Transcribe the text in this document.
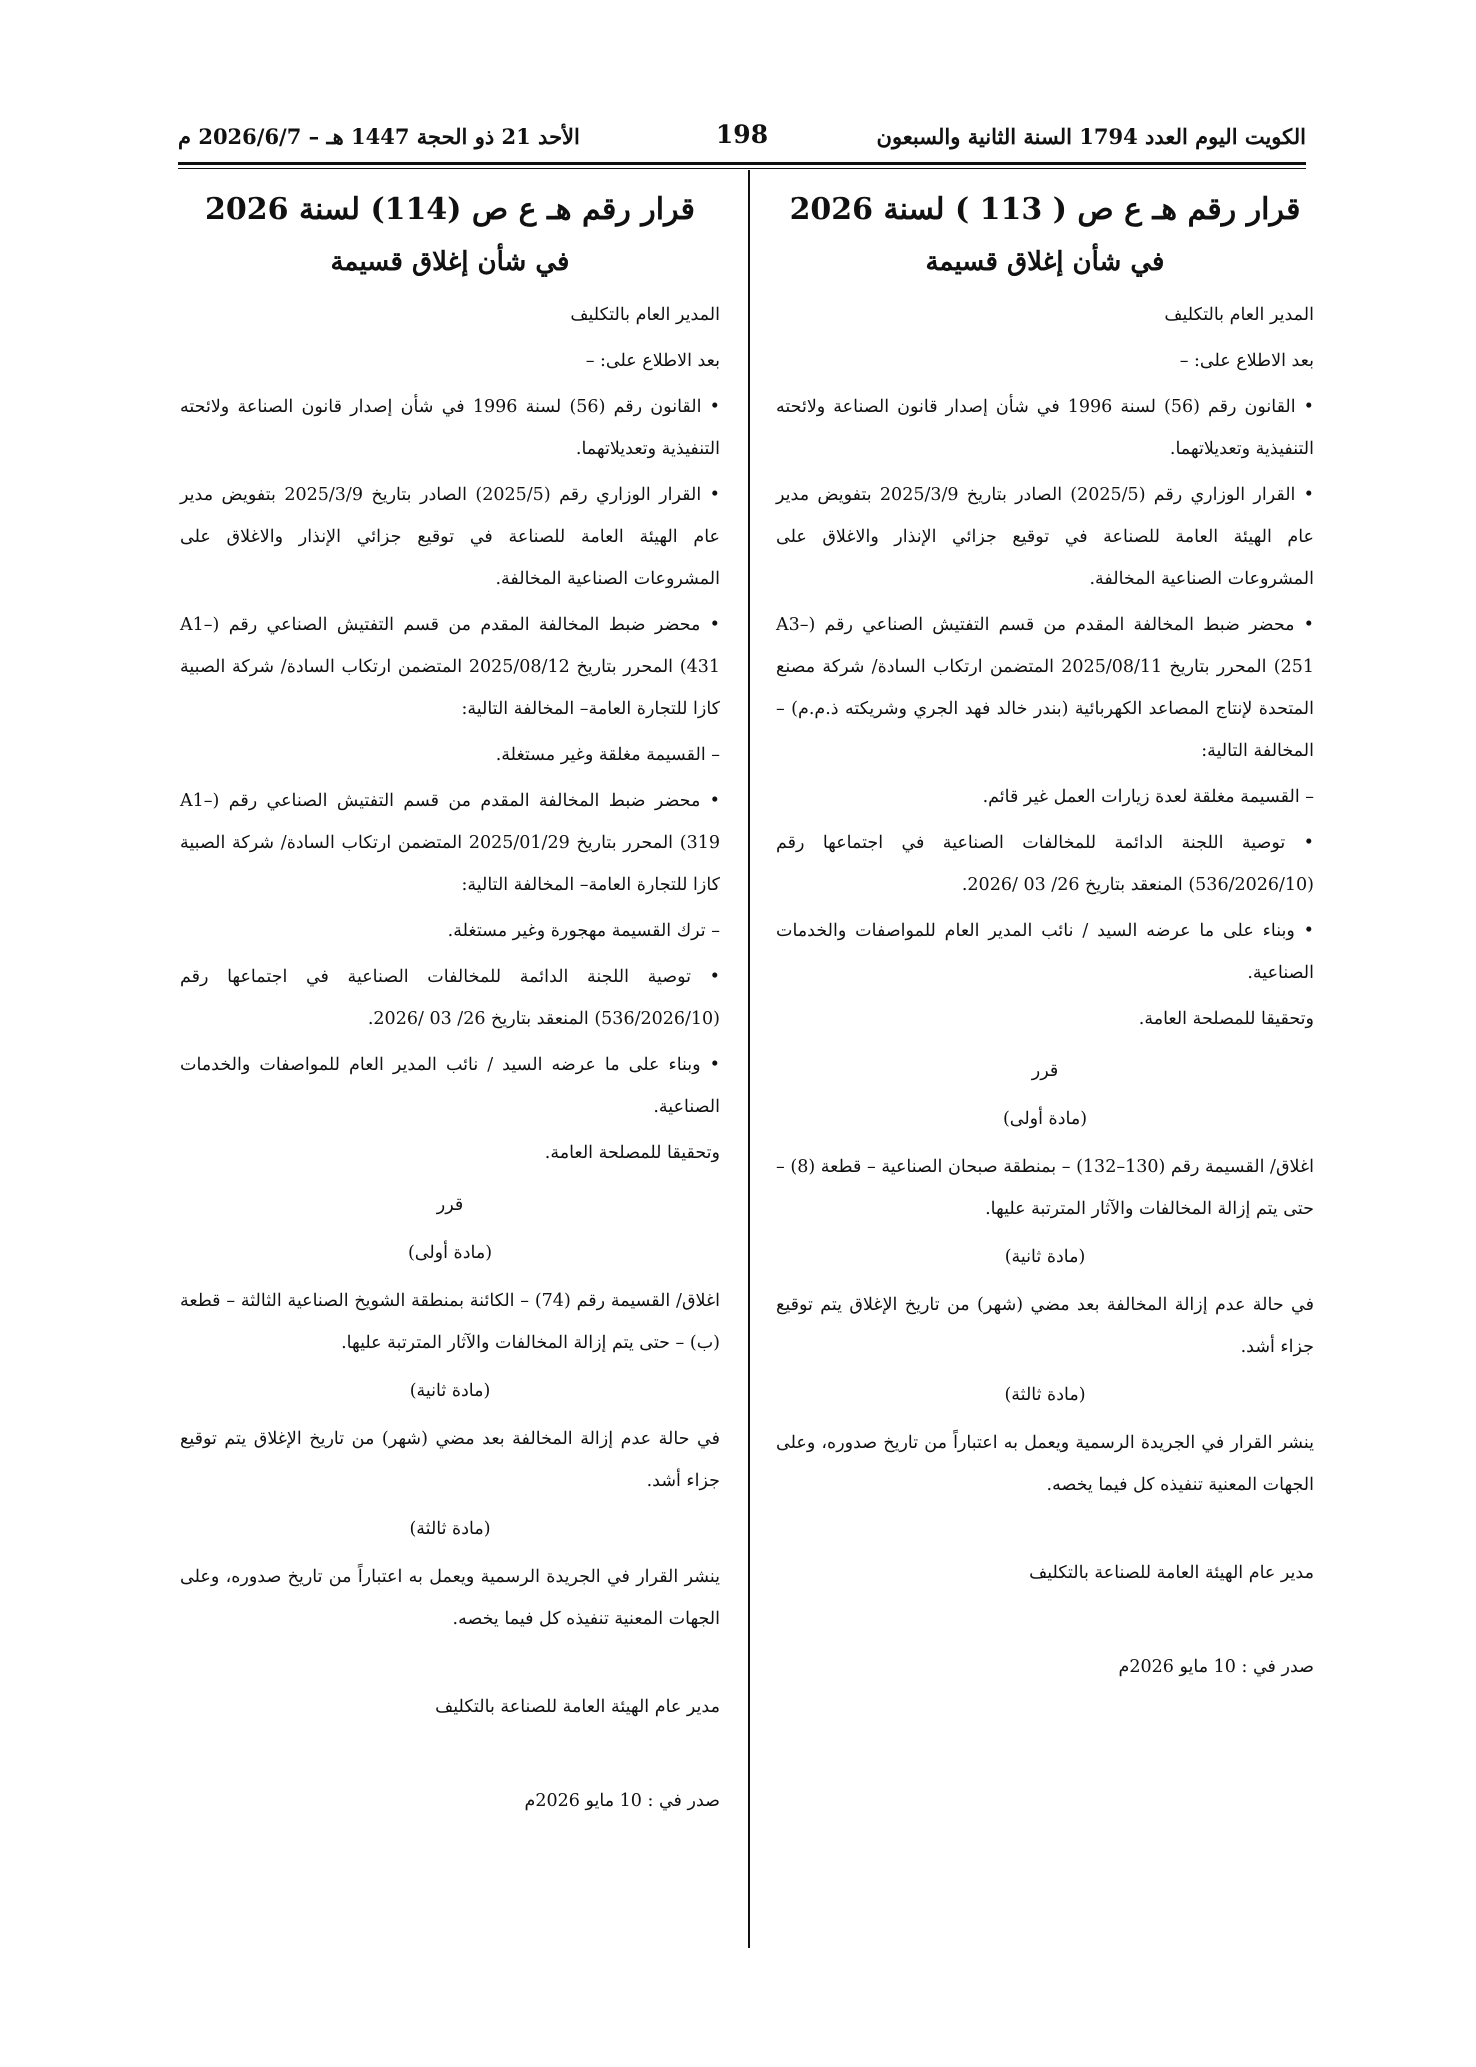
الكويت اليوم العدد 1794 السنة الثانية والسبعون
198
الأحد 21 ذو الحجة 1447 هـ – 2026/6/7 م
قرار رقم هـ ع ص ( 113 ) لسنة 2026
في شأن إغلاق قسيمة
المدير العام بالتكليف
بعد الاطلاع على: –
• القانون رقم (56) لسنة 1996 في شأن إصدار قانون الصناعة ولائحته التنفيذية وتعديلاتهما.
• القرار الوزاري رقم (2025/5) الصادر بتاريخ 2025/3/9 بتفويض مدير عام الهيئة العامة للصناعة في توقيع جزائي الإنذار والاغلاق على المشروعات الصناعية المخالفة.
• محضر ضبط المخالفة المقدم من قسم التفتيش الصناعي رقم (A3–251) المحرر بتاريخ 2025/08/11 المتضمن ارتكاب السادة/ شركة مصنع المتحدة لإنتاج المصاعد الكهربائية (بندر خالد فهد الجري وشريكته ذ.م.م) – المخالفة التالية:
– القسيمة مغلقة لعدة زيارات العمل غير قائم.
• توصية اللجنة الدائمة للمخالفات الصناعية في اجتماعها رقم (536/2026/10) المنعقد بتاريخ 26/ 03 /2026.
• وبناء على ما عرضه السيد / نائب المدير العام للمواصفات والخدمات الصناعية.
وتحقيقا للمصلحة العامة.
قرر
(مادة أولى)
اغلاق/ القسيمة رقم (130–132) – بمنطقة صبحان الصناعية – قطعة (8) – حتى يتم إزالة المخالفات والآثار المترتبة عليها.
(مادة ثانية)
في حالة عدم إزالة المخالفة بعد مضي (شهر) من تاريخ الإغلاق يتم توقيع جزاء أشد.
(مادة ثالثة)
ينشر القرار في الجريدة الرسمية ويعمل به اعتباراً من تاريخ صدوره، وعلى الجهات المعنية تنفيذه كل فيما يخصه.
مدير عام الهيئة العامة للصناعة بالتكليف
صدر في : 10 مايو 2026م
قرار رقم هـ ع ص (114) لسنة 2026
في شأن إغلاق قسيمة
المدير العام بالتكليف
بعد الاطلاع على: –
• القانون رقم (56) لسنة 1996 في شأن إصدار قانون الصناعة ولائحته التنفيذية وتعديلاتهما.
• القرار الوزاري رقم (2025/5) الصادر بتاريخ 2025/3/9 بتفويض مدير عام الهيئة العامة للصناعة في توقيع جزائي الإنذار والاغلاق على المشروعات الصناعية المخالفة.
• محضر ضبط المخالفة المقدم من قسم التفتيش الصناعي رقم (A1–431) المحرر بتاريخ 2025/08/12 المتضمن ارتكاب السادة/ شركة الصبية كازا للتجارة العامة– المخالفة التالية:
– القسيمة مغلقة وغير مستغلة.
• محضر ضبط المخالفة المقدم من قسم التفتيش الصناعي رقم (A1–319) المحرر بتاريخ 2025/01/29 المتضمن ارتكاب السادة/ شركة الصبية كازا للتجارة العامة– المخالفة التالية:
– ترك القسيمة مهجورة وغير مستغلة.
• توصية اللجنة الدائمة للمخالفات الصناعية في اجتماعها رقم (536/2026/10) المنعقد بتاريخ 26/ 03 /2026.
• وبناء على ما عرضه السيد / نائب المدير العام للمواصفات والخدمات الصناعية.
وتحقيقا للمصلحة العامة.
قرر
(مادة أولى)
اغلاق/ القسيمة رقم (74) – الكائنة بمنطقة الشويخ الصناعية الثالثة – قطعة (ب) – حتى يتم إزالة المخالفات والآثار المترتبة عليها.
(مادة ثانية)
في حالة عدم إزالة المخالفة بعد مضي (شهر) من تاريخ الإغلاق يتم توقيع جزاء أشد.
(مادة ثالثة)
ينشر القرار في الجريدة الرسمية ويعمل به اعتباراً من تاريخ صدوره، وعلى الجهات المعنية تنفيذه كل فيما يخصه.
مدير عام الهيئة العامة للصناعة بالتكليف
صدر في : 10 مايو 2026م
